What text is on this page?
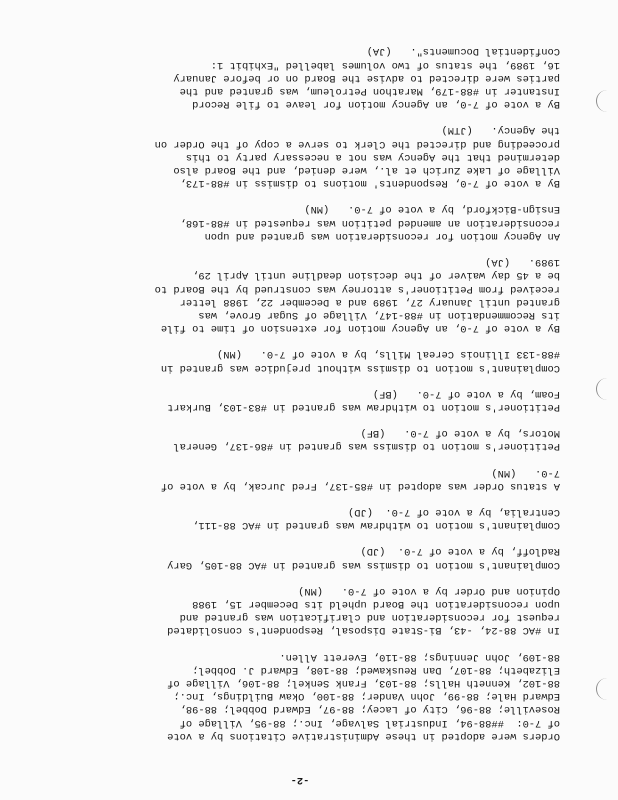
-2-
Orders were adopted in these Administrative Citations by a vote
of 7-0:  ##88-94, Industrial Salvage, Inc.; 88-95, Village of
Roseville; 88-96, City of Lacey; 88-97, Edward Dobbel; 88-98,
Edward Hale; 88-99, John Vander; 88-100, Okaw Buildings, Inc.;
88-102, Kenneth Halls; 88-103, Frank Senkel; 88-106, Village of
Elizabeth; 88-107, Dan Reuskawed; 88-108, Edward J. Dobbel;
88-109, John Jennings; 88-110, Everett Allen.
In #AC 88-24, -43, Bi-State Disposal, Respondent's consolidated
request for reconsideration and clarification was granted and
upon reconsideration the Board upheld its December 15, 1988
Opinion and Order by a vote of 7-0.   (MN)
Complainant's motion to dismiss was granted in #AC 88-105, Gary
Radloff, by a vote of 7-0.  (JD)
Complainant's motion to withdraw was granted in #AC 88-111,
Centralia, by a vote of 7-0.  (JD)
A status Order was adopted in #85-137, Fred Jurcak, by a vote of
7-0.   (MN)
Petitioner's motion to dismiss was granted in #86-137, General
Motors, by a vote of 7-0.   (BF)
Petitioner's motion to withdraw was granted in #83-103, Burkart
Foam, by a vote of 7-0.   (BF)
Complainant's motion to dismiss without prejudice was granted in
#88-133 Illinois Cereal Mills, by a vote of 7-0.   (MN)
By a vote of 7-0, an Agency motion for extension of time to file
its Recommendation in #88-147, Village of Sugar Grove, was
granted until January 27, 1989 and a December 22, 1988 letter
received from Petitioner's attorney was construed by the Board to
be a 45 day waiver of the decision deadline until April 29,
1989.   (JA)
An Agency motion for reconsideration was granted and upon
reconsideration an amended petition was requested in #88-168,
Ensign-Bickford, by a vote of 7-0.   (MN)
By a vote of 7-0, Respondents' motions to dismiss in #88-173,
Village of Lake Zurich et al., were denied, and the Board also
determined that the Agency was not a necessary party to this
proceeding and directed the Clerk to serve a copy of the Order on
the Agency.   (JTM)
By a vote of 7-0, an Agency motion for leave to file Record
Instanter in #88-179, Marathon Petroleum, was granted and the
parties were directed to advise the Board on or before January
16, 1989, the status of two volumes labelled "Exhibit 1:
Confidential Documents".   (JA)
